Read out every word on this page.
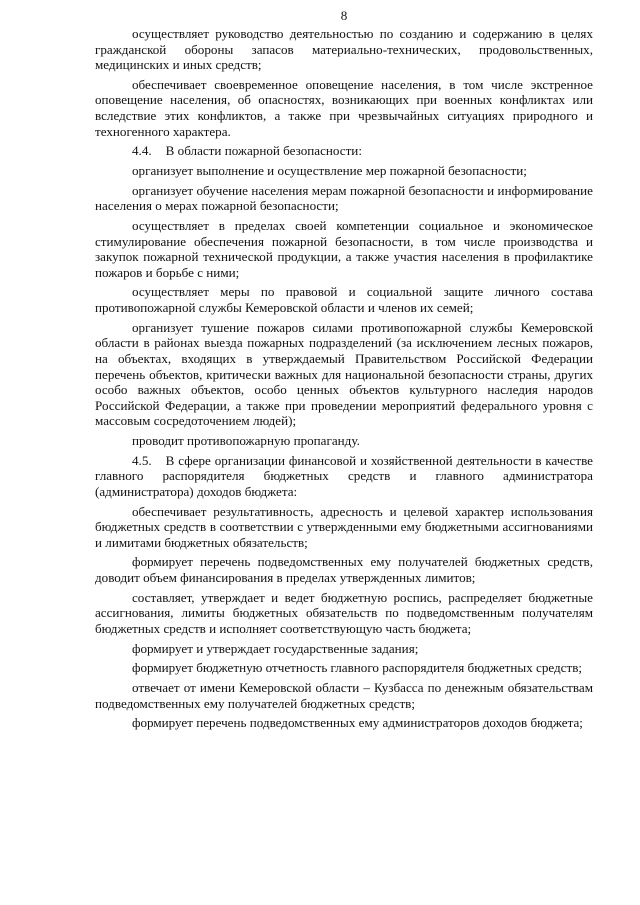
8

осуществляет руководство деятельностью по созданию и содержанию в целях гражданской обороны запасов материально-технических, продовольственных, медицинских и иных средств;

обеспечивает своевременное оповещение населения, в том числе экстренное оповещение населения, об опасностях, возникающих при военных конфликтах или вследствие этих конфликтов, а также при чрезвычайных ситуациях природного и техногенного характера.

4.4. В области пожарной безопасности:

организует выполнение и осуществление мер пожарной безопасности;

организует обучение населения мерам пожарной безопасности и информирование населения о мерах пожарной безопасности;

осуществляет в пределах своей компетенции социальное и экономическое стимулирование обеспечения пожарной безопасности, в том числе производства и закупок пожарной технической продукции, а также участия населения в профилактике пожаров и борьбе с ними;

осуществляет меры по правовой и социальной защите личного состава противопожарной службы Кемеровской области и членов их семей;

организует тушение пожаров силами противопожарной службы Кемеровской области в районах выезда пожарных подразделений (за исключением лесных пожаров, на объектах, входящих в утверждаемый Правительством Российской Федерации перечень объектов, критически важных для национальной безопасности страны, других особо важных объектов, особо ценных объектов культурного наследия народов Российской Федерации, а также при проведении мероприятий федерального уровня с массовым сосредоточением людей);

проводит противопожарную пропаганду.

4.5. В сфере организации финансовой и хозяйственной деятельности в качестве главного распорядителя бюджетных средств и главного администратора (администратора) доходов бюджета:

обеспечивает результативность, адресность и целевой характер использования бюджетных средств в соответствии с утвержденными ему бюджетными ассигнованиями и лимитами бюджетных обязательств;

формирует перечень подведомственных ему получателей бюджетных средств, доводит объем финансирования в пределах утвержденных лимитов;

составляет, утверждает и ведет бюджетную роспись, распределяет бюджетные ассигнования, лимиты бюджетных обязательств по подведомственным получателям бюджетных средств и исполняет соответствующую часть бюджета;

формирует и утверждает государственные задания;

формирует бюджетную отчетность главного распорядителя бюджетных средств;

отвечает от имени Кемеровской области – Кузбасса по денежным обязательствам подведомственных ему получателей бюджетных средств;

формирует перечень подведомственных ему администраторов доходов бюджета;
